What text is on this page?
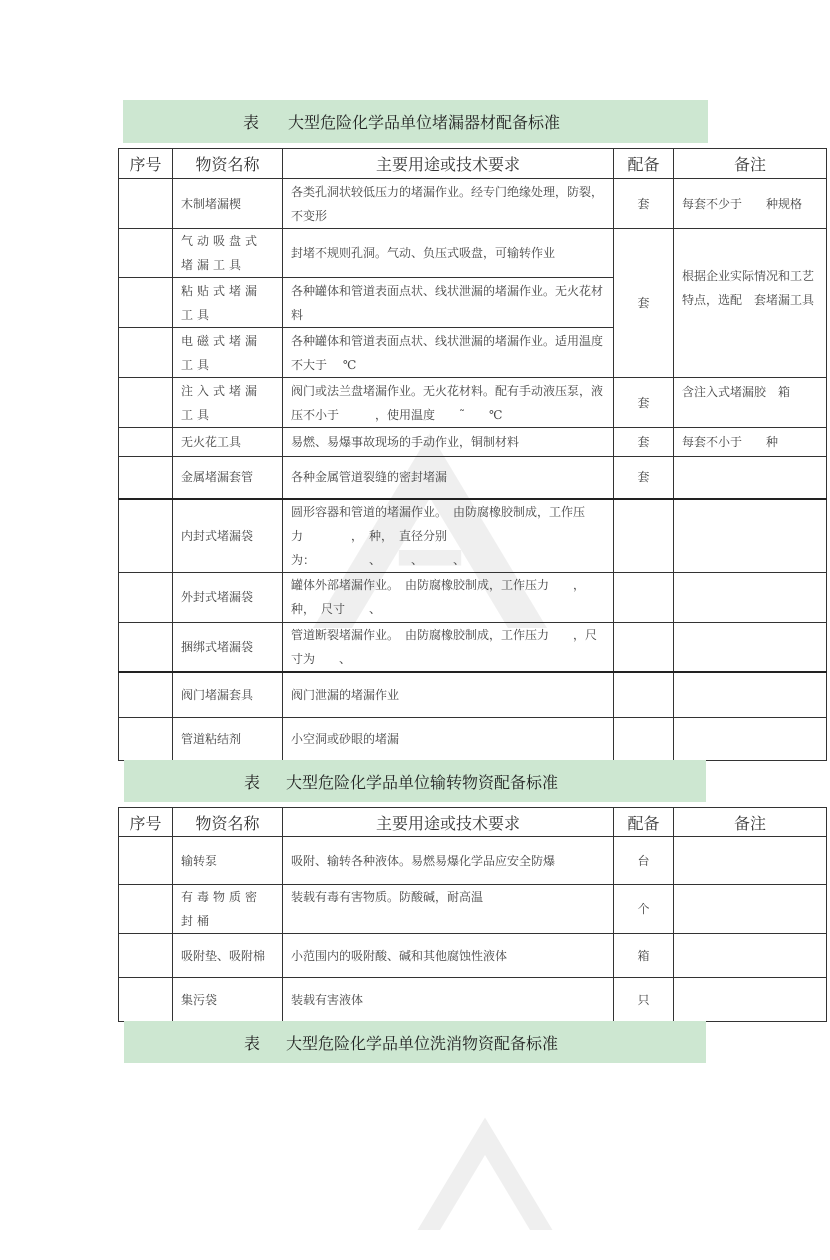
表 大型危险化学品单位堵漏器材配备标准
序号	物资名称	主要用途或技术要求	配备	备注
	木制堵漏楔	各类孔洞状较低压力的堵漏作业。经专门绝缘处理，防裂，不变形	套	每套不少于　　种规格
	气动吸盘式堵漏工具	封堵不规则孔洞。气动、负压式吸盘，可输转作业	套	根据企业实际情况和工艺特点，选配　套堵漏工具
	粘贴式堵漏工具	各种罐体和管道表面点状、线状泄漏的堵漏作业。无火花材料		
	电磁式堵漏工具	各种罐体和管道表面点状、线状泄漏的堵漏作业。适用温度不大于　 ℃		
	注入式堵漏工具	阀门或法兰盘堵漏作业。无火花材料。配有手动液压泵，液压不小于　　　，使用温度　　˜　　℃	套	含注入式堵漏胶　箱
	无火花工具	易燃、易爆事故现场的手动作业，铜制材料	套	每套不小于　　种
	金属堵漏套管	各种金属管道裂缝的密封堵漏	套	
	内封式堵漏袋	圆形容器和管道的堵漏作业。　由防腐橡胶制成，工作压力　　　　，　种，　直径分别为：　　　　　、　　　、　　　、		
	外封式堵漏袋	罐体外部堵漏作业。　由防腐橡胶制成，工作压力　　，　种，　尺寸　　、		
	捆绑式堵漏袋	管道断裂堵漏作业。　由防腐橡胶制成，工作压力　　，尺寸为　　、		
	阀门堵漏套具	阀门泄漏的堵漏作业		
	管道粘结剂	小空洞或砂眼的堵漏		
表 大型危险化学品单位输转物资配备标准
序号	物资名称	主要用途或技术要求	配备	备注
	输转泵	吸附、输转各种液体。易燃易爆化学品应安全防爆	台	
	有毒物质密封桶	装载有毒有害物质。防酸碱，耐高温	个	
	吸附垫、吸附棉	小范围内的吸附酸、碱和其他腐蚀性液体	箱	
	集污袋	装载有害液体	只	
表 大型危险化学品单位洗消物资配备标准
